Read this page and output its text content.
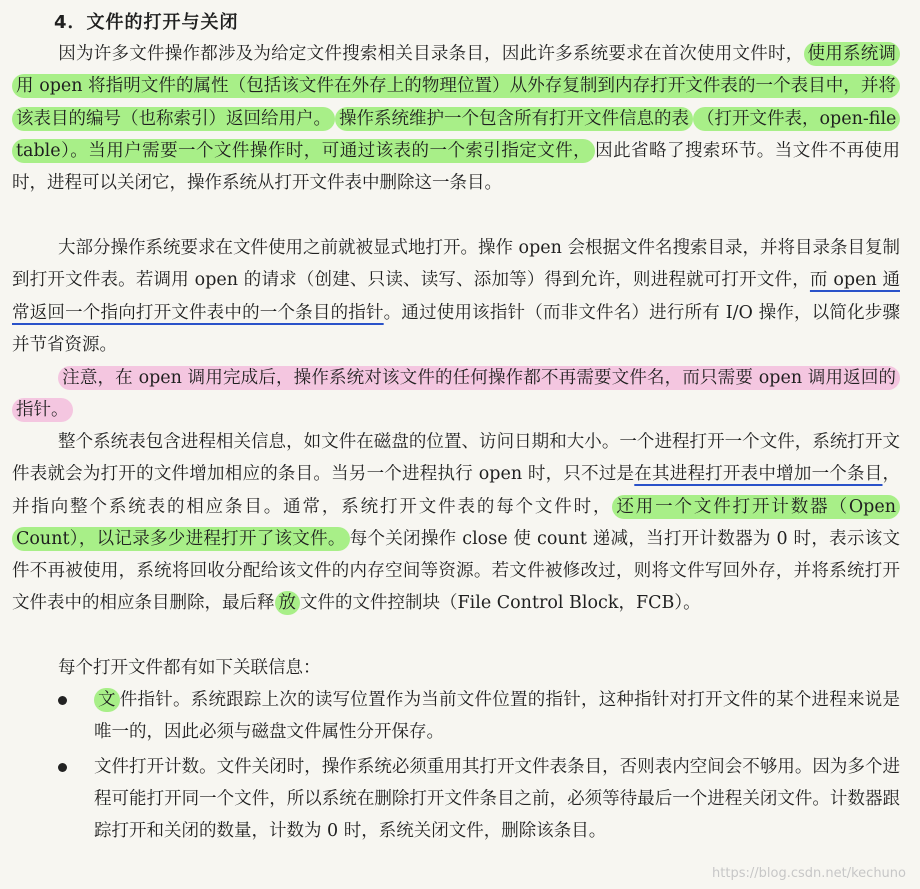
4．文件的打开与关闭
因为许多文件操作都涉及为给定文件搜索相关目录条目，因此许多系统要求在首次使用文件时， 使用系统调用 open 将指明文件的属性（包括该文件在外存上的物理位置）从外存复制到内存打开文件表的一个表目中，并将该表目的编号（也称索引）返回给用户。 操作系统维护一个包含所有打开文件信息的表 （打开文件表，open-file table）。当用户需要一个文件操作时，可通过该表的一个索引指定文件， 因此省略了搜索环节。当文件不再使用时，进程可以关闭它，操作系统从打开文件表中删除这一条目。
大部分操作系统要求在文件使用之前就被显式地打开。操作 open 会根据文件名搜索目录，并将目录条目复制到打开文件表。若调用 open 的请求（创建、只读、读写、添加等）得到允许，则进程就可打开文件，而 open 通常返回一个指向打开文件表中的一个条目的指针。通过使用该指针（而非文件名）进行所有 I/O 操作，以简化步骤并节省资源。
注意，在 open 调用完成后，操作系统对该文件的任何操作都不再需要文件名，而只需要 open 调用返回的指针。
整个系统表包含进程相关信息，如文件在磁盘的位置、访问日期和大小。一个进程打开一个文件，系统打开文件表就会为打开的文件增加相应的条目。当另一个进程执行 open 时，只不过是在其进程打开表中增加一个条目，并指向整个系统表的相应条目。通常，系统打开文件表的每个文件时， 还用一个文件打开计数器（Open Count），以记录多少进程打开了该文件。 每个关闭操作 close 使 count 递减，当打开计数器为 0 时，表示该文件不再被使用，系统将回收分配给该文件的内存空间等资源。若文件被修改过，则将文件写回外存，并将系统打开文件表中的相应条目删除，最后释 放 文件的文件控制块（File Control Block，FCB）。
每个打开文件都有如下关联信息：
文 件指针。系统跟踪上次的读写位置作为当前文件位置的指针，这种指针对打开文件的某个进程来说是唯一的，因此必须与磁盘文件属性分开保存。
文件打开计数。文件关闭时，操作系统必须重用其打开文件表条目，否则表内空间会不够用。因为多个进程可能打开同一个文件，所以系统在删除打开文件条目之前，必须等待最后一个进程关闭文件。计数器跟踪打开和关闭的数量，计数为 0 时，系统关闭文件，删除该条目。
https://blog.csdn.net/kechuno
